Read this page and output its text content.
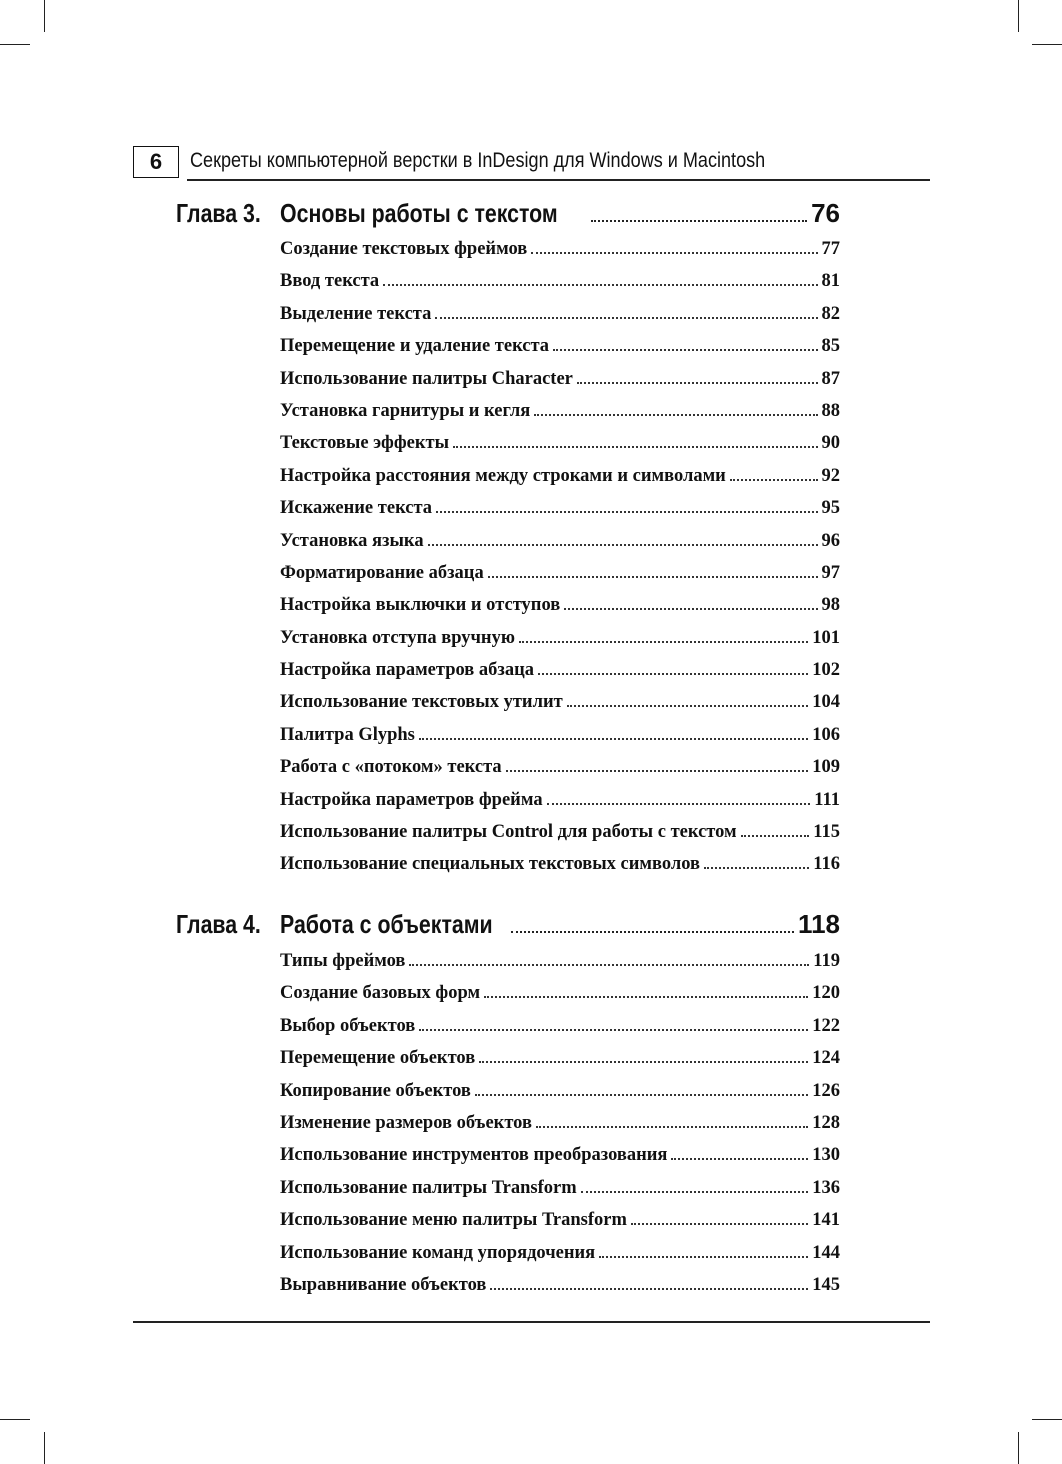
6	Секреты компьютерной верстки в InDesign для Windows и Macintosh
Глава 3. Основы работы с текстом	76
Создание текстовых фреймов	77
Ввод текста	81
Выделение текста	82
Перемещение и удаление текста	85
Использование палитры Character	87
Установка гарнитуры и кегля	88
Текстовые эффекты	90
Настройка расстояния между строками и символами	92
Искажение текста	95
Установка языка	96
Форматирование абзаца	97
Настройка выключки и отступов	98
Установка отступа вручную	101
Настройка параметров абзаца	102
Использование текстовых утилит	104
Палитра Glyphs	106
Работа с «потоком» текста	109
Настройка параметров фрейма	111
Использование палитры Control для работы с текстом	115
Использование специальных текстовых символов	116
Глава 4. Работа с объектами	118
Типы фреймов	119
Создание базовых форм	120
Выбор объектов	122
Перемещение объектов	124
Копирование объектов	126
Изменение размеров объектов	128
Использование инструментов преобразования	130
Использование палитры Transform	136
Использование меню палитры Transform	141
Использование команд упорядочения	144
Выравнивание объектов	145
